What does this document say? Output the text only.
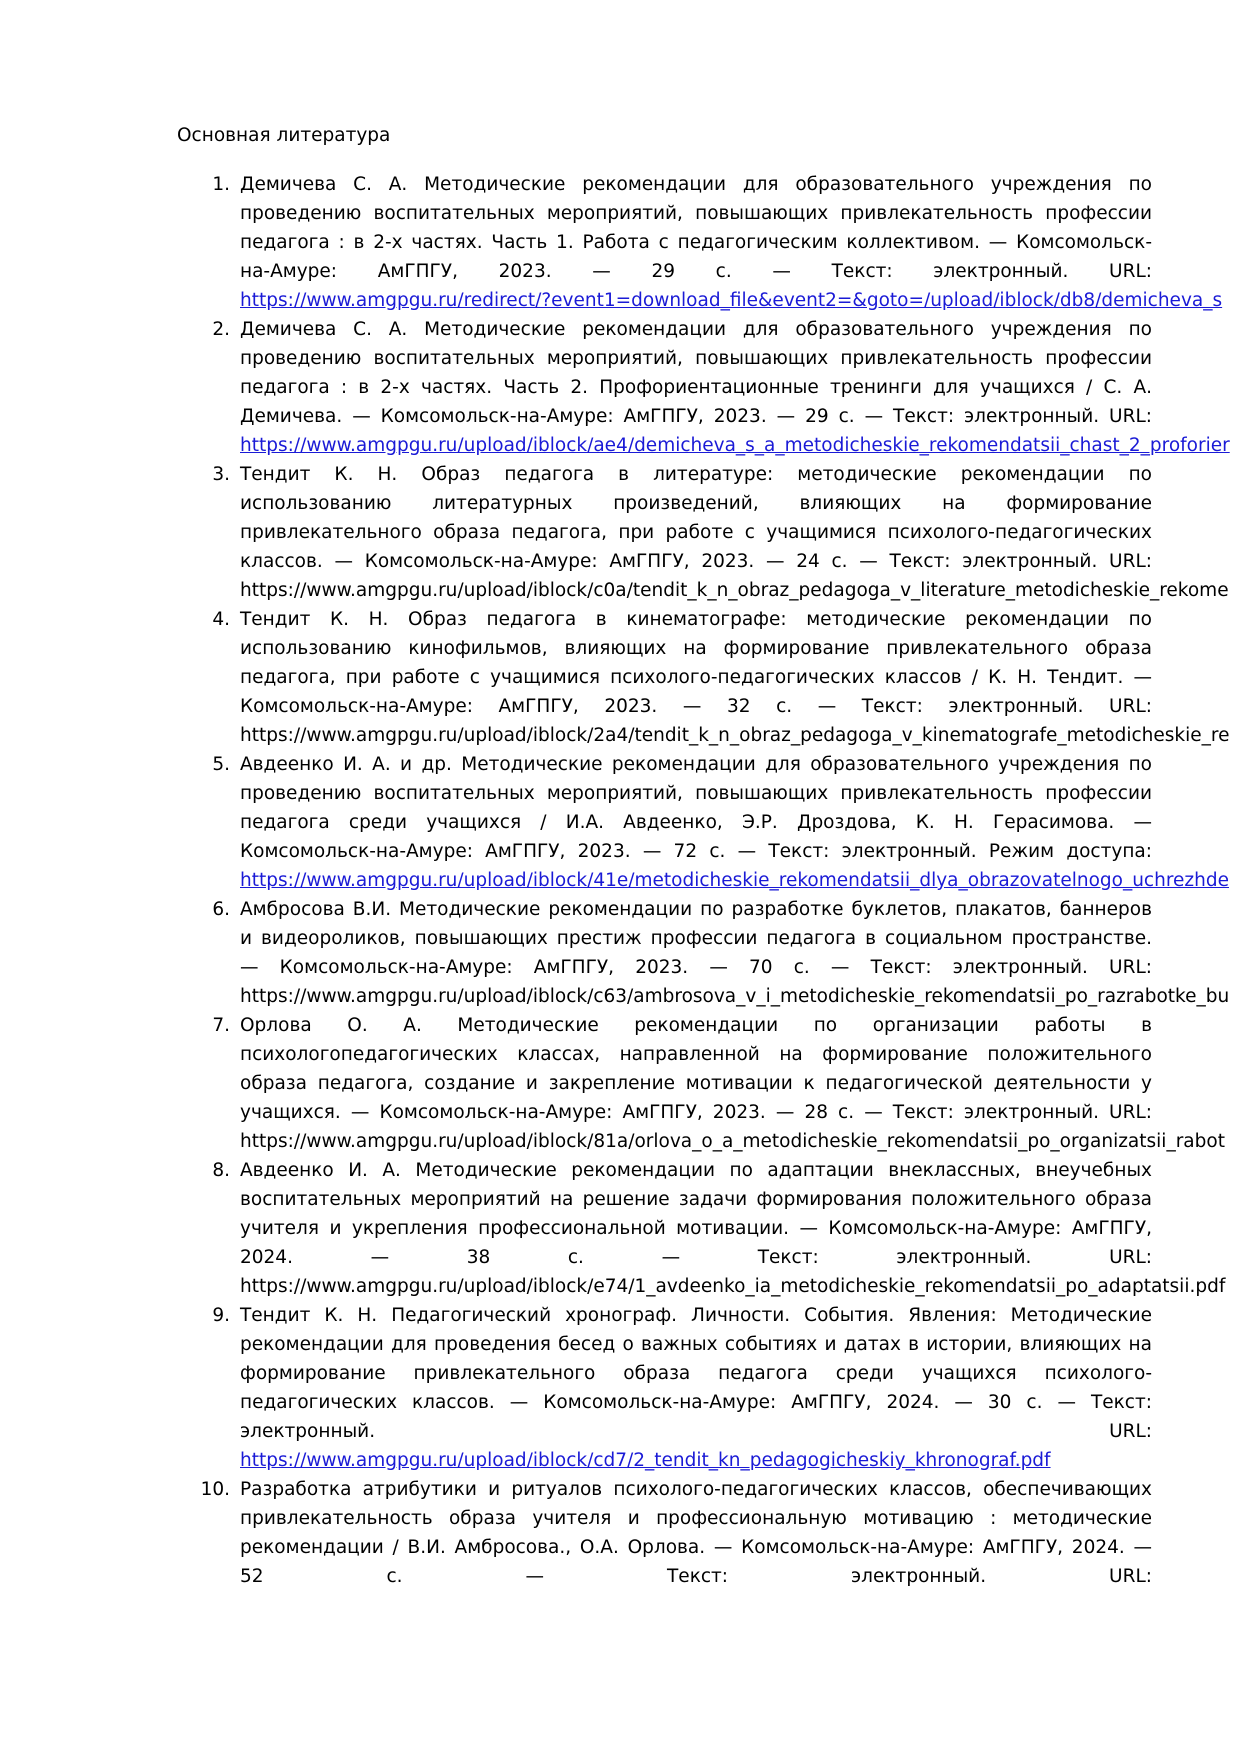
Основная литература
1. Демичева С. А. Методические рекомендации для образовательного учреждения по
проведению воспитательных мероприятий, повышающих привлекательность профессии
педагога : в 2-х частях. Часть 1. Работа с педагогическим коллективом. — Комсомольск-
на-Амуре: АмГПГУ, 2023. — 29 с. — Текст: электронный. URL:
https://www.amgpgu.ru/redirect/?event1=download_file&event2=&goto=/upload/iblock/db8/demicheva_s
2. Демичева С. А. Методические рекомендации для образовательного учреждения по
проведению воспитательных мероприятий, повышающих привлекательность профессии
педагога : в 2-х частях. Часть 2. Профориентационные тренинги для учащихся / С. А.
Демичева. — Комсомольск-на-Амуре: АмГПГУ, 2023. — 29 с. — Текст: электронный. URL:
https://www.amgpgu.ru/upload/iblock/ae4/demicheva_s_a_metodicheskie_rekomendatsii_chast_2_proforier
3. Тендит К. Н. Образ педагога в литературе: методические рекомендации по
использованию литературных произведений, влияющих на формирование
привлекательного образа педагога, при работе с учащимися психолого-педагогических
классов. — Комсомольск-на-Амуре: АмГПГУ, 2023. — 24 с. — Текст: электронный. URL:
https://www.amgpgu.ru/upload/iblock/c0a/tendit_k_n_obraz_pedagoga_v_literature_metodicheskie_rekome
4. Тендит К. Н. Образ педагога в кинематографе: методические рекомендации по
использованию кинофильмов, влияющих на формирование привлекательного образа
педагога, при работе с учащимися психолого-педагогических классов / К. Н. Тендит. —
Комсомольск-на-Амуре: АмГПГУ, 2023. — 32 с. — Текст: электронный. URL:
https://www.amgpgu.ru/upload/iblock/2a4/tendit_k_n_obraz_pedagoga_v_kinematografe_metodicheskie_re
5. Авдеенко И. А. и др. Методические рекомендации для образовательного учреждения по
проведению воспитательных мероприятий, повышающих привлекательность профессии
педагога среди учащихся / И.А. Авдеенко, Э.Р. Дроздова, К. Н. Герасимова. —
Комсомольск-на-Амуре: АмГПГУ, 2023. — 72 с. — Текст: электронный. Режим доступа:
https://www.amgpgu.ru/upload/iblock/41e/metodicheskie_rekomendatsii_dlya_obrazovatelnogo_uchrezhde
6. Амбросова В.И. Методические рекомендации по разработке буклетов, плакатов, баннеров
и видеороликов, повышающих престиж профессии педагога в социальном пространстве.
— Комсомольск-на-Амуре: АмГПГУ, 2023. — 70 с. — Текст: электронный. URL:
https://www.amgpgu.ru/upload/iblock/c63/ambrosova_v_i_metodicheskie_rekomendatsii_po_razrabotke_bu
7. Орлова О. А. Методические рекомендации по организации работы в
психологопедагогических классах, направленной на формирование положительного
образа педагога, создание и закрепление мотивации к педагогической деятельности у
учащихся. — Комсомольск-на-Амуре: АмГПГУ, 2023. — 28 с. — Текст: электронный. URL:
https://www.amgpgu.ru/upload/iblock/81a/orlova_o_a_metodicheskie_rekomendatsii_po_organizatsii_rabot
8. Авдеенко И. А. Методические рекомендации по адаптации внеклассных, внеучебных
воспитательных мероприятий на решение задачи формирования положительного образа
учителя и укрепления профессиональной мотивации. — Комсомольск-на-Амуре: АмГПГУ,
2024. — 38 с. — Текст: электронный. URL:
https://www.amgpgu.ru/upload/iblock/e74/1_avdeenko_ia_metodicheskie_rekomendatsii_po_adaptatsii.pdf
9. Тендит К. Н. Педагогический хронограф. Личности. События. Явления: Методические
рекомендации для проведения бесед о важных событиях и датах в истории, влияющих на
формирование привлекательного образа педагога среди учащихся психолого-
педагогических классов. — Комсомольск-на-Амуре: АмГПГУ, 2024. — 30 с. — Текст:
электронный. URL:
https://www.amgpgu.ru/upload/iblock/cd7/2_tendit_kn_pedagogicheskiy_khronograf.pdf
10. Разработка атрибутики и ритуалов психолого-педагогических классов, обеспечивающих
привлекательность образа учителя и профессиональную мотивацию : методические
рекомендации / В.И. Амбросова., О.А. Орлова. — Комсомольск-на-Амуре: АмГПГУ, 2024. —
52 с. — Текст: электронный. URL:
